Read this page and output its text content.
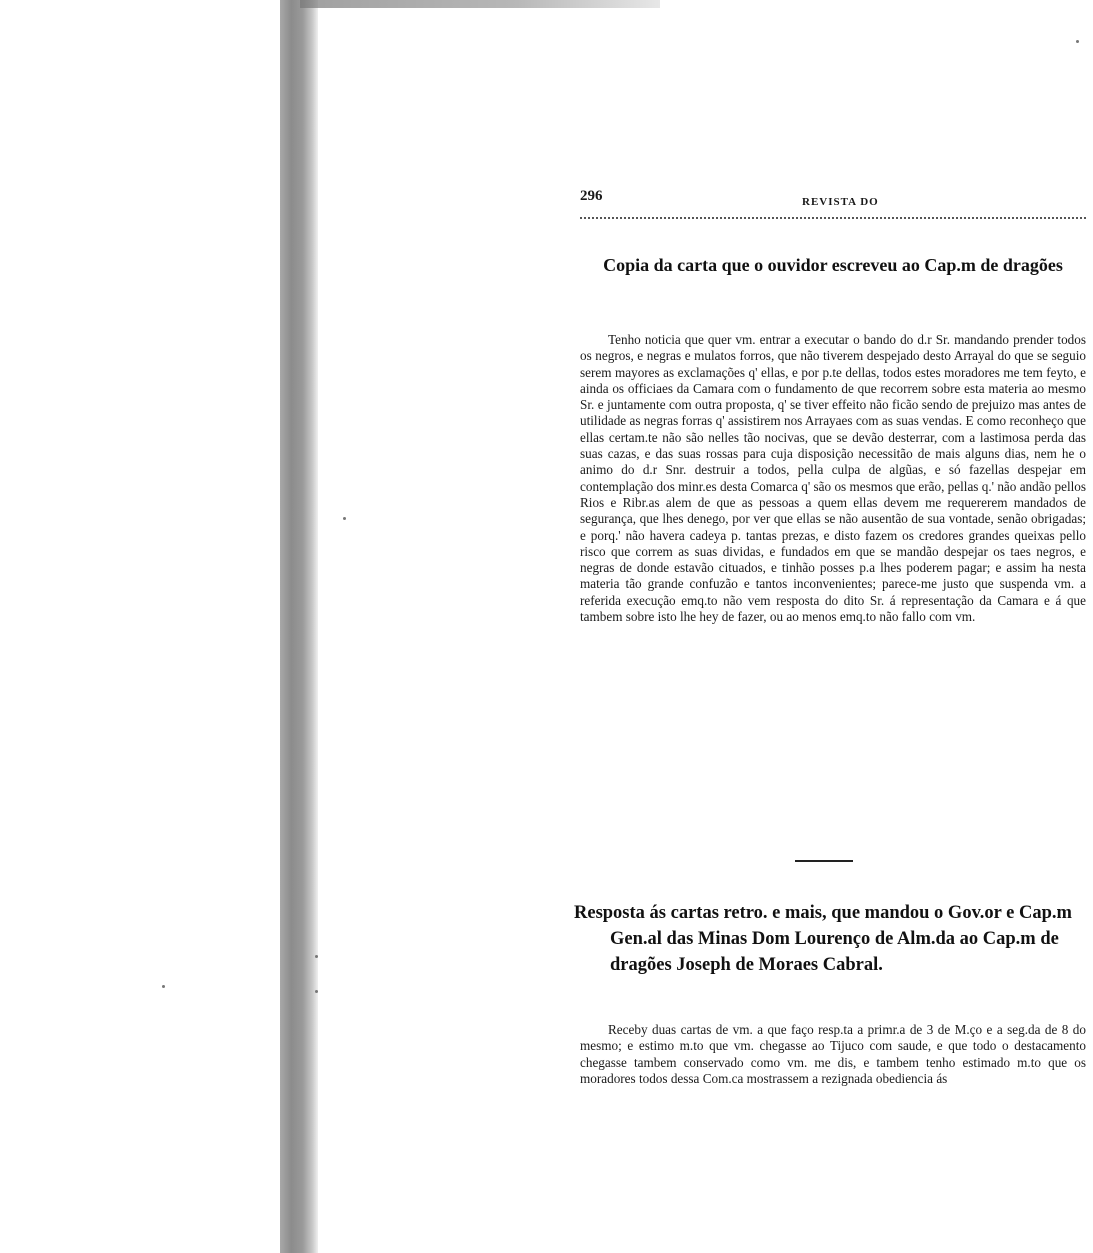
296	REVISTA DO
Copia da carta que o ouvidor escreveu ao Cap.m de dragões

Tenho noticia que quer vm. entrar a executar o bando do d.r Sr. mandando prender todos os negros, e negras e mulatos forros, que não tiverem despejado desto Arrayal do que se seguio serem mayores as exclamações q' ellas, e por p.te dellas, todos estes moradores me tem feyto, e ainda os officiaes da Camara com o fundamento de que recorrem sobre esta materia ao mesmo Sr. e juntamente com outra proposta, q' se tiver effeito não ficão sendo de prejuizo mas antes de utilidade as negras forras q' assistirem nos Arrayaes com as suas vendas. E como reconheço que ellas certam.te não são nelles tão nocivas, que se devão desterrar, com a lastimosa perda das suas cazas, e das suas rossas para cuja disposição necessitão de mais alguns dias, nem he o animo do d.r Snr. destruir a todos, pella culpa de algũas, e só fazellas despejar em contemplação dos minr.es desta Comarca q' são os mesmos que erão, pellas q.' não andão pellos Rios e Ribr.as alem de que as pessoas a quem ellas devem me requererem mandados de segurança, que lhes denego, por ver que ellas se não ausentão de sua vontade, senão obrigadas; e porq.' não havera cadeya p. tantas prezas, e disto fazem os credores grandes queixas pello risco que correm as suas dividas, e fundados em que se mandão despejar os taes negros, e negras de donde estavão cituados, e tinhão posses p.a lhes poderem pagar; e assim ha nesta materia tão grande confuzão e tantos inconvenientes; parece-me justo que suspenda vm. a referida execução emq.to não vem resposta do dito Sr. á representação da Camara e á que tambem sobre isto lhe hey de fazer, ou ao menos emq.to não fallo com vm.

Resposta ás cartas retro. e mais, que mandou o Gov.or e Cap.m Gen.al das Minas Dom Lourenço de Alm.da ao Cap.m de dragões Joseph de Moraes Cabral.

Receby duas cartas de vm. a que faço resp.ta a primr.a de 3 de M.ço e a seg.da de 8 do mesmo; e estimo m.to que vm. chegasse ao Tijuco com saude, e que todo o destacamento chegasse tambem conservado como vm. me dis, e tambem tenho estimado m.to que os moradores todos dessa Com.ca mostrassem a rezignada obediencia ás
